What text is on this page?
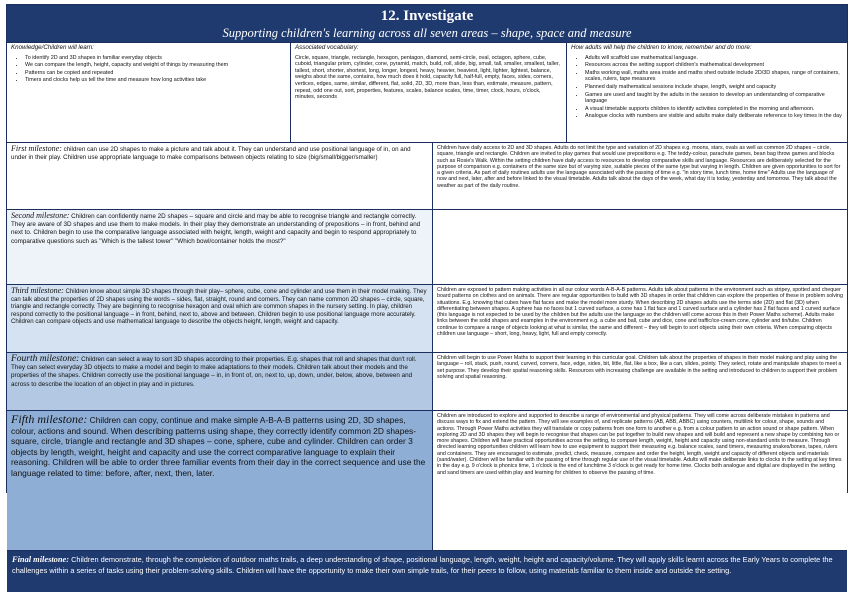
12. Investigate
Supporting children's learning across all seven areas – shape, space and measure
Knowledge/Children will learn:
• To identify 2D and 3D shapes in familiar everyday objects
• We can compare the length, height, capacity and weight of things by measuring them
• Patterns can be copied and repeated
• Timers and clocks help us tell the time and measure how long activities take
Associated vocabulary:
Circle, square, triangle, rectangle, hexagon, pentagon, diamond, semi-circle, oval, octagon, sphere, cube, cuboid, triangular prism, cylinder, cone, pyramid, match, build, roll, slide, big, small, tall, smaller, smallest, taller, tallest, short, shorter, shortest, long, longer, longest, heavy, heavier, heaviest, light, lighter, lightest, balance, weighs about the same, contains, how much does it hold, capacity full, half-full, empty, faces, sides, corners, vertices, edges, same, similar, different, flat, solid, 2D, 3D, more than, less than, estimate, measure, pattern, repeat, odd one out, sort, properties, features, scales, balance scales, time, timer, clock, hours, o'clock, minutes, seconds
How adults will help the children to know, remember and do more:
• Adults will scaffold use mathematical language.
• Resources across the setting support children's mathematical development
• Maths working wall, maths area inside and maths shed outside include 2D/3D shapes, range of containers, scales, rulers, tape measures
• Planned daily mathematical sessions include shape, length, weight and capacity
• Games are used and taught by the adults in the session to develop an understanding of comparative language
• A visual timetable supports children to identify activities completed in the morning and afternoon.
• Analogue clocks with numbers are visible and adults make daily deliberate reference to key times in the day
First milestone: children can use 2D shapes to make a picture and talk about it. They can understand and use positional language of in, on and under in their play. Children use appropriate language to make comparisons between objects relating to size (big/small/bigger/smaller)
Children have daily access to 2D and 3D shapes. Adults do not limit the type and variation of 2D shapes e.g. moons, stars, ovals as well as common 2D shapes – circle, square, triangle and rectangle. Children are invited to play games that would use prepositions e.g. The teddy-colour, parachute games, bean bag throw games and blocks such as Rosie's Walk. Within the setting children have daily access to resources to develop comparative skills and language. Resources are deliberately selected for the purpose of comparison e.g. containers of the same size but of varying size, suitable pieces of the same type but varying in length. Children are given opportunities to sort for a given criteria. As part of daily routines adults use the language associated with the passing of time e.g. "in story time, lunch time, home time" Adults use the language of now and next, later, after and before linked to the visual timetable. Adults talk about the days of the week, what day it is today, yesterday and tomorrow. They talk about the weather as part of the daily routine.
Second milestone: Children can confidently name 2D shapes – square and circle and may be able to recognise triangle and rectangle correctly. They are aware of 3D shapes and use them to make models. In their play they demonstrate an understanding of prepositions – in front, behind and next to. Children begin to use the comparative language associated with height, length, weight and capacity and begin to respond appropriately to comparative questions such as "Which is the tallest tower" "Which bowl/container holds the most?"
Third milestone: Children know about simple 3D shapes through their play– sphere, cube, cone and cylinder and use them in their model making. They can talk about the properties of 2D shapes using the words – sides, flat, straight, round and corners. They can name common 2D shapes – circle, square, triangle and rectangle correctly. They are beginning to recognise hexagon and oval which are common shapes in the nursery setting. In play, children respond correctly to the positional language – in front, behind, next to, above and between. Children begin to use positional language more accurately. Children can compare objects and use mathematical language to describe the objects height, length, weight and capacity.
Children are exposed to pattern making activities in all our colour words A-B-A-B patterns. Adults talk about patterns in the environment such as stripey, spotted and chequer board patterns on clothes and on animals. There are regular opportunities to build with 3D shapes in order that children can explore the properties of these in problem solving situations. E.g. knowing that cubes have flat faces and make the model more sturdy. When describing 2D shapes adults use the terms side (2D) and flat (3D) when differentiating between shapes. A sphere has no faces but 1 curved surface, a cone has 1 flat face and 1 curved surface and a cylinder has 2 flat faces and 1 curved surface (this language is not expected to be used by the children but the adults use the language so the children will come across this in their Power Maths scheme). Adults make links between the solid shapes and examples in the environment e.g. a cube and ball, cube and dice, cone and traffic/ice-cream cone, cylinder and tin/tube. Children continue to compare a range of objects looking at what is similar, the same and different – they will begin to sort objects using their own criteria. When comparing objects children use language – short, long, heavy, light, full and empty correctly.
Fourth milestone: Children can select a way to sort 3D shapes according to their properties. E.g. shapes that roll and shapes that don't roll. They can select everyday 3D objects to make a model and begin to make adaptations to their models. Children talk about their models and the properties of the shapes. Children correctly use the positional language – in, in front of, on, next to, up, down, under, below, above, between and across to describe the location of an object in play and in pictures.
Children will begin to use Power Maths to support their learning in this curricular goal. Children talk about the properties of shapes in their model making and play using the language – roll, stack, push, round, curved, corners, face, edge, sides, bit, little, flat, like a box, like a can, slides, pointy. They select, rotate and manipulate shapes to meet a set purpose. They develop their spatial reasoning skills. Resources with increasing challenge are available in the setting and introduced to children to support their problem solving and spatial reasoning.
Fifth milestone: Children can copy, continue and make simple A-B-A-B patterns using 2D, 3D shapes, colour, actions and sound. When describing patterns using shape, they correctly identify common 2D shapes- square, circle, triangle and rectangle and 3D shapes – cone, sphere, cube and cylinder. Children can order 3 objects by length, weight, height and capacity and use the correct comparative language to explain their reasoning. Children will be able to order three familiar events from their day in the correct sequence and use the language related to time: before, after, next, then, later.
Children are introduced to explore and supported to describe a range of environmental and physical patterns. They will come across deliberate mistakes in patterns and discuss ways to fix and extend the pattern. They will see examples of, and replicate patterns (AB, ABB, ABBC) using counters, multilink for colour, shape, sounds and actions. Through Power Maths activities they will translate or copy patterns from one form to another e.g. from a colour pattern to an action sound or shape pattern. When exploring 2D and 3D shapes they will begin to recognise that shapes can be put together to build new shapes and will build and represent a new shape by combining two or more shapes. Children will have practical opportunities across the setting, to compare length, weight, height and capacity using non-standard units to measure. Through directed learning opportunities children will learn how to use equipment to support their measuring e.g. balance scales, sand timers, measuring snakes/bones, tapes, rulers and containers. They are encouraged to estimate, predict, check, measure, compare and order the height, length, weight and capacity of different objects and materials (sand/water). Children will be familiar with the passing of time through regular use of the visual timetable. Adults will make deliberate links to clocks in the setting at key times in the day e.g. 9 o'clock is phonics time, 1 o'clock is the end of lunchtime 3 o'clock is get ready for home time. Clocks both analogue and digital are displayed in the setting and sand timers are used within play and learning for children to observe the passing of time.
Final milestone: Children demonstrate, through the completion of outdoor maths trails, a deep understanding of shape, positional language, length, weight, height and capacity/volume. They will apply skills learnt across the Early Years to complete the challenges within a series of tasks using their problem-solving skills. Children will have the opportunity to make their own simple trails, for their peers to follow, using materials familiar to them inside and outside the setting.
